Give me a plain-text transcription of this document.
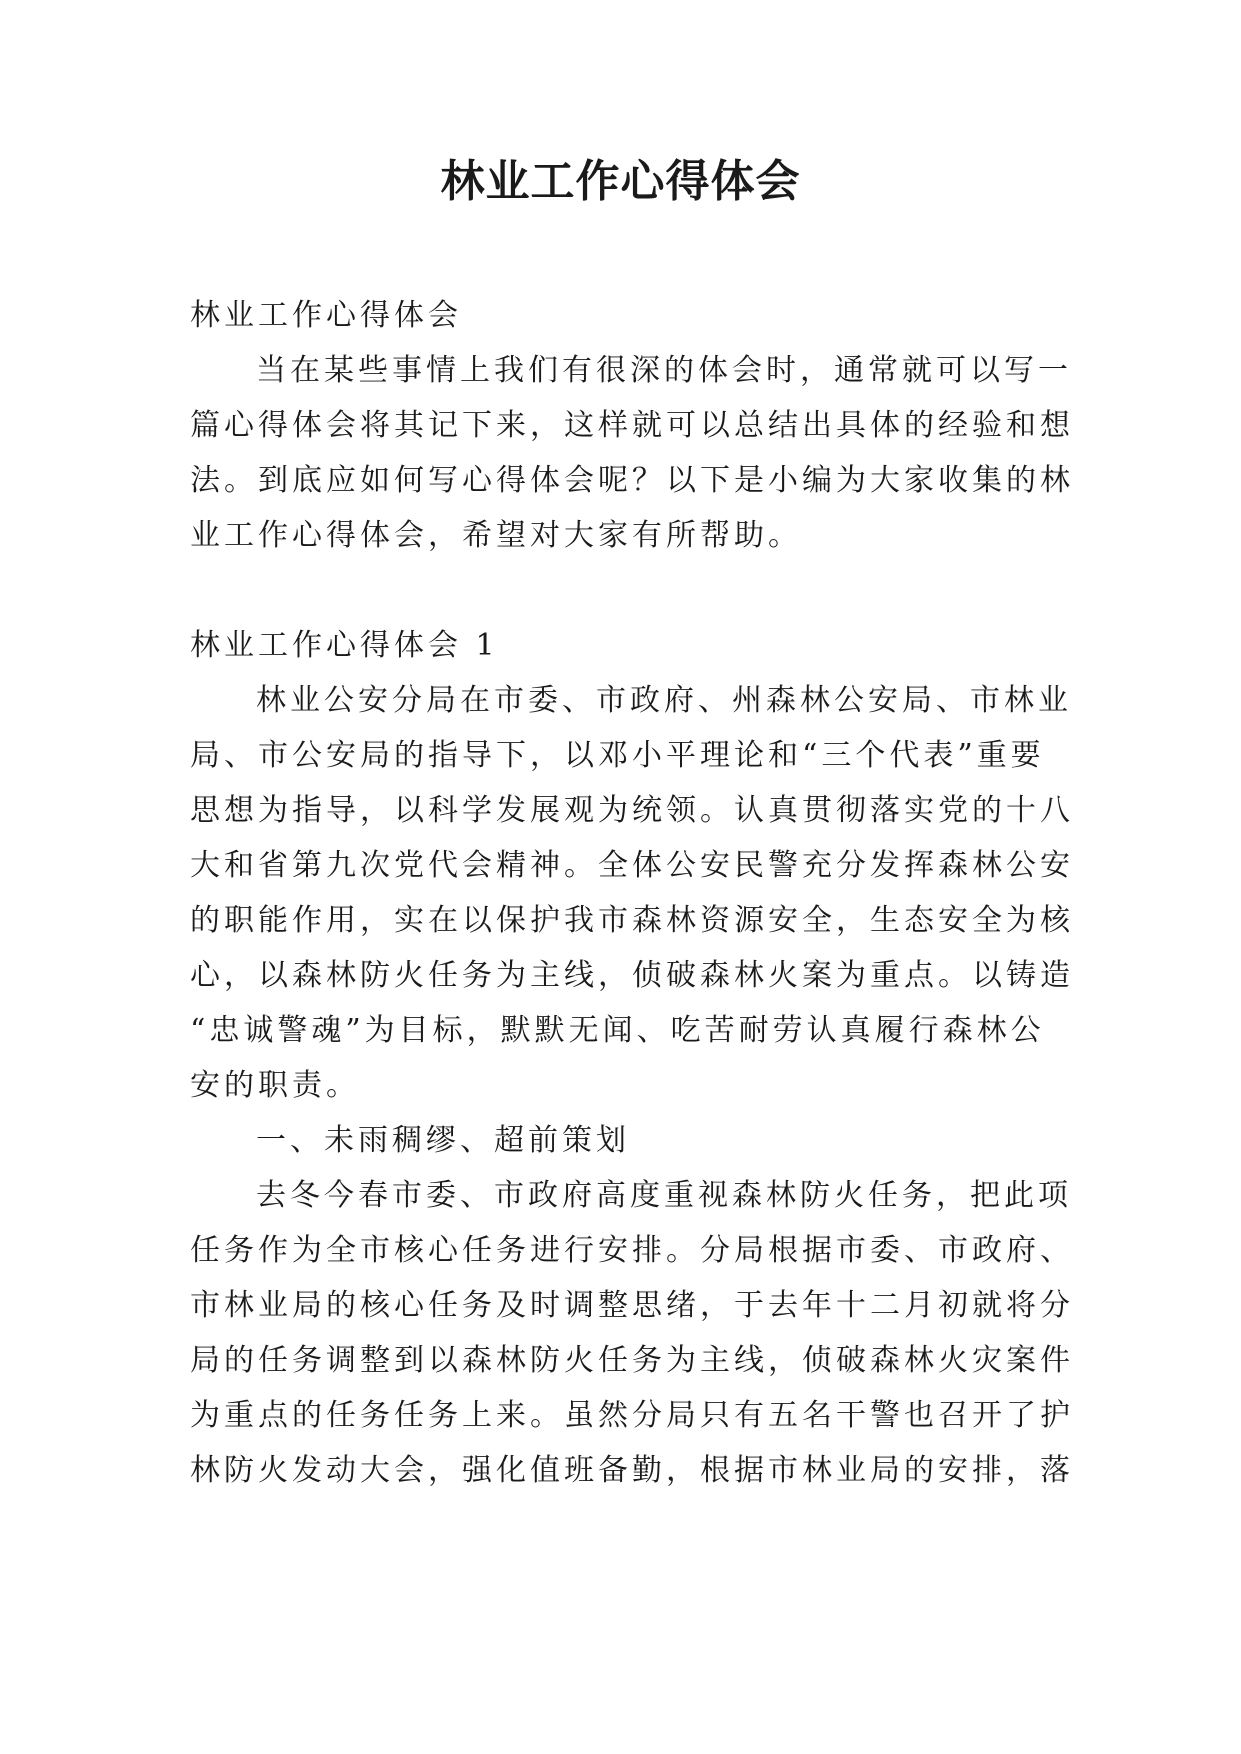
林业工作心得体会
林业工作心得体会
当在某些事情上我们有很深的体会时，通常就可以写一
篇心得体会将其记下来，这样就可以总结出具体的经验和想
法。到底应如何写心得体会呢？以下是小编为大家收集的林
业工作心得体会，希望对大家有所帮助。
林业工作心得体会 1
林业公安分局在市委、市政府、州森林公安局、市林业
局、市公安局的指导下，以邓小平理论和“三个代表”重要
思想为指导，以科学发展观为统领。认真贯彻落实党的十八
大和省第九次党代会精神。全体公安民警充分发挥森林公安
的职能作用，实在以保护我市森林资源安全，生态安全为核
心，以森林防火任务为主线，侦破森林火案为重点。以铸造
“忠诚警魂”为目标，默默无闻、吃苦耐劳认真履行森林公
安的职责。
一、未雨稠缪、超前策划
去冬今春市委、市政府高度重视森林防火任务，把此项
任务作为全市核心任务进行安排。分局根据市委、市政府、
市林业局的核心任务及时调整思绪，于去年十二月初就将分
局的任务调整到以森林防火任务为主线，侦破森林火灾案件
为重点的任务任务上来。虽然分局只有五名干警也召开了护
林防火发动大会，强化值班备勤，根据市林业局的安排，落
